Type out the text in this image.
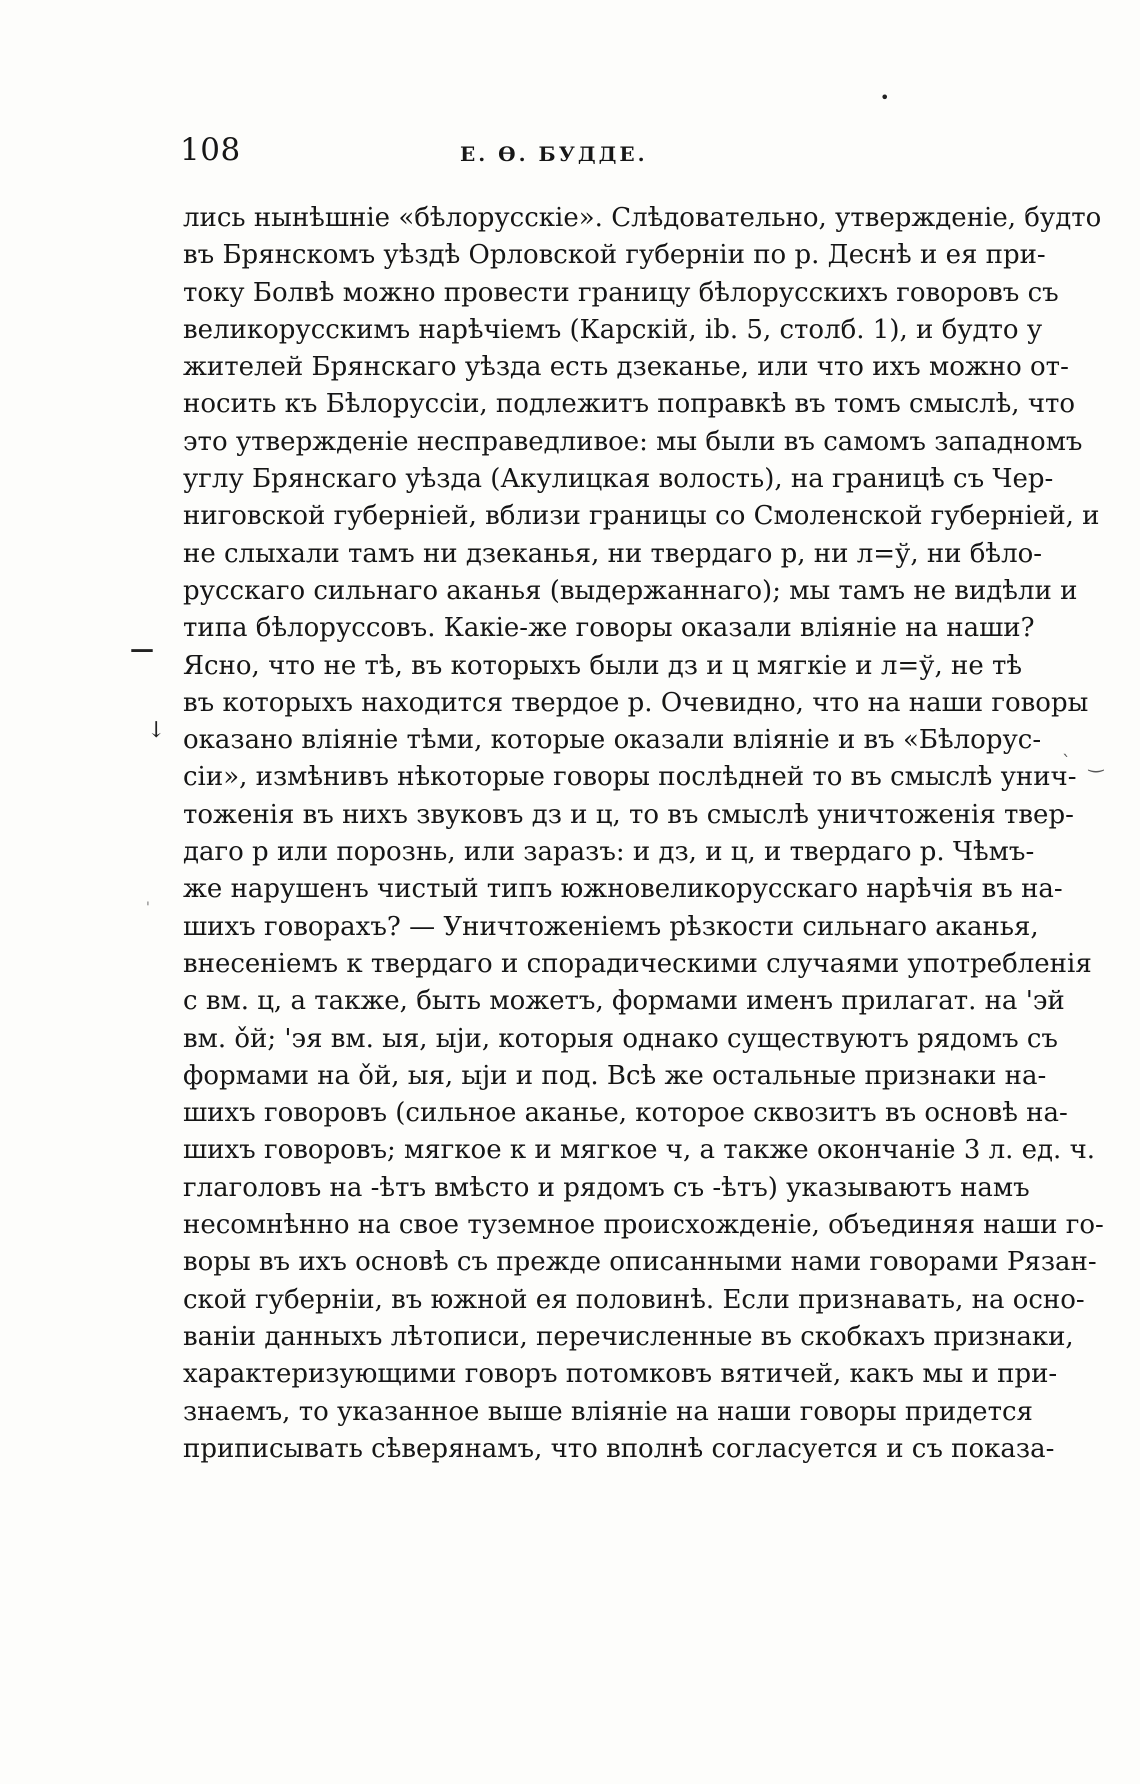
•
108	Е. Ѳ. БУДДЕ.
—
↓
` ‿
'
лись нынѣшніе «бѣлорусскіе». Слѣдовательно, утвержденіе, будто
въ Брянскомъ уѣздѣ Орловской губерніи по р. Деснѣ и ея при-
току Болвѣ можно провести границу бѣлорусскихъ говоровъ съ
великорусскимъ нарѣчіемъ (Карскій, ib. 5, столб. 1), и будто у
жителей Брянскаго уѣзда есть дзеканье, или что ихъ можно от-
носить къ Бѣлоруссіи, подлежитъ поправкѣ въ томъ смыслѣ, что
это утвержденіе несправедливое: мы были въ самомъ западномъ
углу Брянскаго уѣзда (Акулицкая волость), на границѣ съ Чер-
ниговской губерніей, вблизи границы со Смоленской губерніей, и
не слыхали тамъ ни дзеканья, ни твердаго р, ни л=ў, ни бѣло-
русскаго сильнаго аканья (выдержаннаго); мы тамъ не видѣли и
типа бѣлоруссовъ. Какіе-же говоры оказали вліяніе на наши?
Ясно, что не тѣ, въ которыхъ были дз и ц мягкіе и л=ў, не тѣ
въ которыхъ находится твердое р. Очевидно, что на наши говоры
оказано вліяніе тѣми, которые оказали вліяніе и въ «Бѣлорус-
сіи», измѣнивъ нѣкоторые говоры послѣдней то въ смыслѣ унич-
тоженія въ нихъ звуковъ дз и ц, то въ смыслѣ уничтоженія твер-
даго р или порознь, или заразъ: и дз, и ц, и твердаго р. Чѣмъ-
же нарушенъ чистый типъ южновеликорусскаго нарѣчія въ на-
шихъ говорахъ? — Уничтоженіемъ рѣзкости сильнаго аканья,
внесеніемъ к твердаго и спорадическими случаями употребленія
с вм. ц, а также, быть можетъ, формами именъ прилагат. на 'эй
вм. ǒй; 'эя вм. ыя, ыји, которыя однако существуютъ рядомъ съ
формами на ǒй, ыя, ыји и под. Всѣ же остальные признаки на-
шихъ говоровъ (сильное аканье, которое сквозитъ въ основѣ на-
шихъ говоровъ; мягкое к и мягкое ч, а также окончаніе 3 л. ед. ч.
глаголовъ на -ѣтъ вмѣсто и рядомъ съ -ѣтъ) указываютъ намъ
несомнѣнно на свое туземное происхожденіе, объединяя наши го-
воры въ ихъ основѣ съ прежде описанными нами говорами Рязан-
ской губерніи, въ южной ея половинѣ. Если признавать, на осно-
ваніи данныхъ лѣтописи, перечисленные въ скобкахъ признаки,
характеризующими говоръ потомковъ вятичей, какъ мы и при-
знаемъ, то указанное выше вліяніе на наши говоры придется
приписывать сѣверянамъ, что вполнѣ согласуется и съ показа-
